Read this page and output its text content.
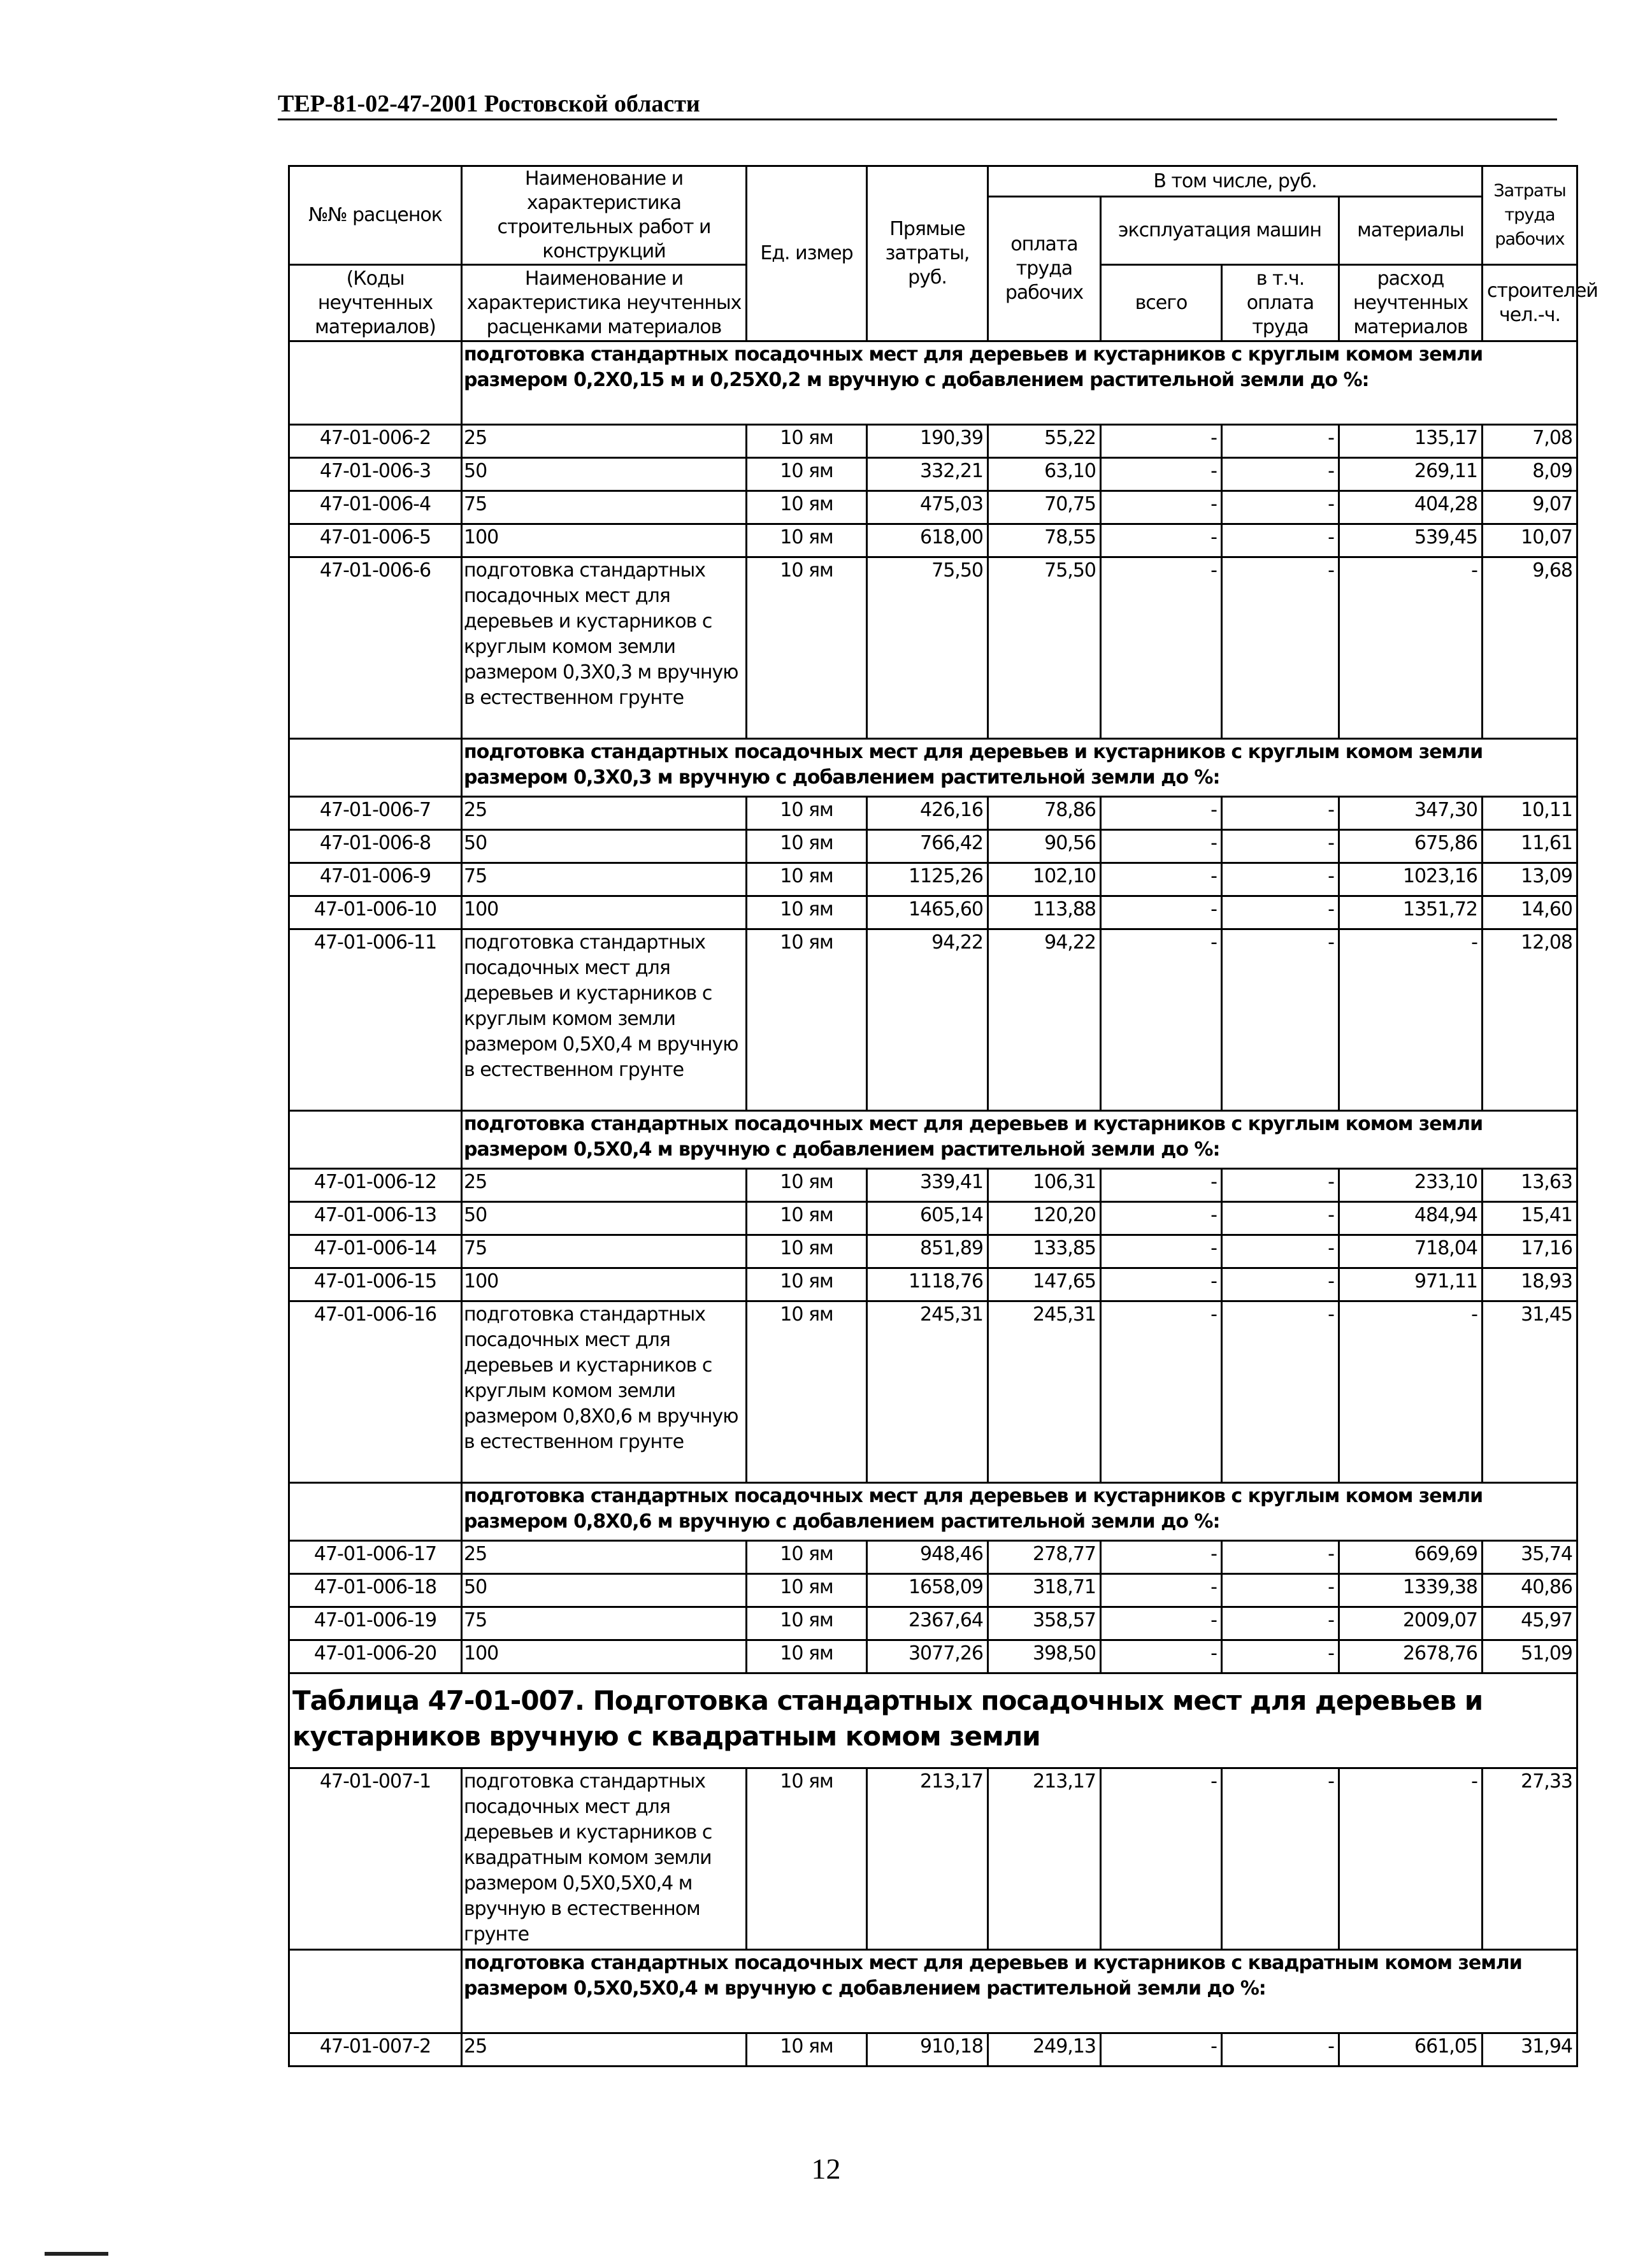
ТЕР-81-02-47-2001 Ростовской области
№№ расценок	Наименование и характеристика строительных работ и конструкций	Ед. измер	Прямые затраты, руб.	В том числе, руб.				Затраты труда рабочих
				оплата труда рабочих	эксплуатация машин		материалы	

(Коды неучтенных материалов)	Наименование и характеристика неучтенных расценками материалов				всего	в т.ч. оплата труда	расход неучтенных материалов	строителей чел.-ч.

	подготовка стандартных посадочных мест для деревьев и кустарников с круглым комом земли размером 0,2Х0,15 м и 0,25Х0,2 м вручную с добавлением растительной земли до %:							
47-01-006-2	25	10 ям	190,39	55,22	-	-	135,17	7,08
47-01-006-3	50	10 ям	332,21	63,10	-	-	269,11	8,09
47-01-006-4	75	10 ям	475,03	70,75	-	-	404,28	9,07
47-01-006-5	100	10 ям	618,00	78,55	-	-	539,45	10,07
47-01-006-6	подготовка стандартных посадочных мест для деревьев и кустарников с круглым комом земли размером 0,3Х0,3 м вручную в естественном грунте	10 ям	75,50	75,50	-	-	-	9,68
	подготовка стандартных посадочных мест для деревьев и кустарников с круглым комом земли размером 0,3Х0,3 м вручную с добавлением растительной земли до %:							
47-01-006-7	25	10 ям	426,16	78,86	-	-	347,30	10,11
47-01-006-8	50	10 ям	766,42	90,56	-	-	675,86	11,61
47-01-006-9	75	10 ям	1125,26	102,10	-	-	1023,16	13,09
47-01-006-10	100	10 ям	1465,60	113,88	-	-	1351,72	14,60
47-01-006-11	подготовка стандартных посадочных мест для деревьев и кустарников с круглым комом земли размером 0,5Х0,4 м вручную в естественном грунте	10 ям	94,22	94,22	-	-	-	12,08
	подготовка стандартных посадочных мест для деревьев и кустарников с круглым комом земли размером 0,5Х0,4 м вручную с добавлением растительной земли до %:							
47-01-006-12	25	10 ям	339,41	106,31	-	-	233,10	13,63
47-01-006-13	50	10 ям	605,14	120,20	-	-	484,94	15,41
47-01-006-14	75	10 ям	851,89	133,85	-	-	718,04	17,16
47-01-006-15	100	10 ям	1118,76	147,65	-	-	971,11	18,93
47-01-006-16	подготовка стандартных посадочных мест для деревьев и кустарников с круглым комом земли размером 0,8Х0,6 м вручную в естественном грунте	10 ям	245,31	245,31	-	-	-	31,45
	подготовка стандартных посадочных мест для деревьев и кустарников с круглым комом земли размером 0,8Х0,6 м вручную с добавлением растительной земли до %:							
47-01-006-17	25	10 ям	948,46	278,77	-	-	669,69	35,74
47-01-006-18	50	10 ям	1658,09	318,71	-	-	1339,38	40,86
47-01-006-19	75	10 ям	2367,64	358,57	-	-	2009,07	45,97
47-01-006-20	100	10 ям	3077,26	398,50	-	-	2678,76	51,09
Таблица 47-01-007. Подготовка стандартных посадочных мест для деревьев и кустарников вручную с квадратным комом земли								
47-01-007-1	подготовка стандартных посадочных мест для деревьев и кустарников с квадратным комом земли размером 0,5Х0,5Х0,4 м вручную в естественном грунте	10 ям	213,17	213,17	-	-	-	27,33
	подготовка стандартных посадочных мест для деревьев и кустарников с квадратным комом земли размером 0,5Х0,5Х0,4 м вручную с добавлением растительной земли до %:							
47-01-007-2	25	10 ям	910,18	249,13	-	-	661,05	31,94
12
